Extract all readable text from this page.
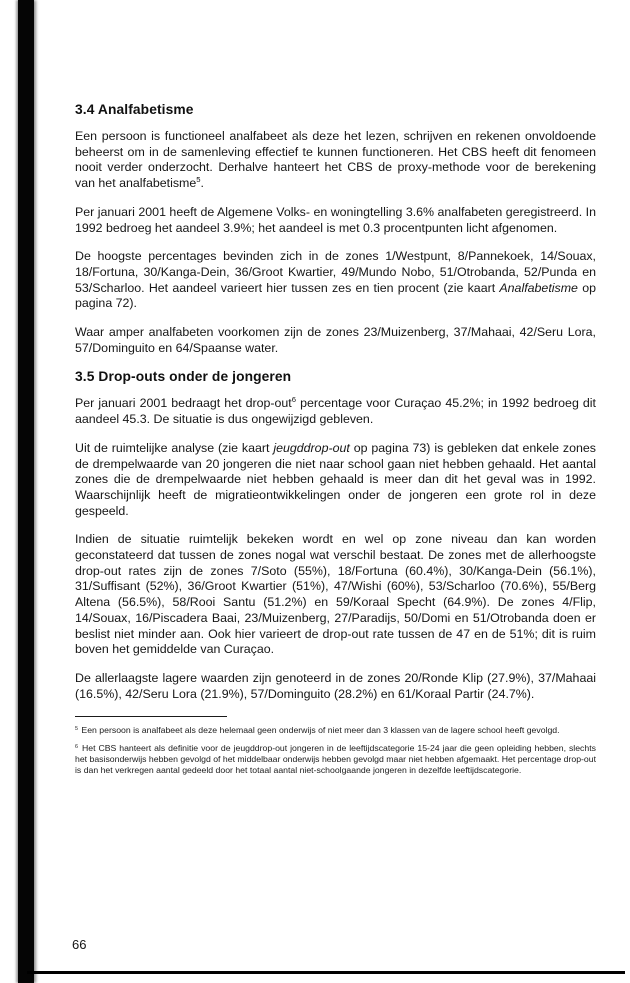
3.4 Analfabetisme

Een persoon is functioneel analfabeet als deze het lezen, schrijven en rekenen onvoldoende beheerst om in de samenleving effectief te kunnen functioneren. Het CBS heeft dit fenomeen nooit verder onderzocht. Derhalve hanteert het CBS de proxy-methode voor de berekening van het analfabetisme$^5$.

Per januari 2001 heeft de Algemene Volks- en woningtelling 3.6% analfabeten geregistreerd. In 1992 bedroeg het aandeel 3.9%; het aandeel is met 0.3 procentpunten licht afgenomen.

De hoogste percentages bevinden zich in de zones 1/Westpunt, 8/Pannekoek, 14/Souax, 18/Fortuna, 30/Kanga-Dein, 36/Groot Kwartier, 49/Mundo Nobo, 51/Otrobanda, 52/Punda en 53/Scharloo. Het aandeel varieert hier tussen zes en tien procent (zie kaart Analfabetisme op pagina 72).

Waar amper analfabeten voorkomen zijn de zones 23/Muizenberg, 37/Mahaai, 42/Seru Lora, 57/Dominguito en 64/Spaanse water.

3.5 Drop-outs onder de jongeren

Per januari 2001 bedraagt het drop-out$^6$ percentage voor Curaçao 45.2%; in 1992 bedroeg dit aandeel 45.3. De situatie is dus ongewijzigd gebleven.

Uit de ruimtelijke analyse (zie kaart jeugddrop-out op pagina 73) is gebleken dat enkele zones de drempelwaarde van 20 jongeren die niet naar school gaan niet hebben gehaald. Het aantal zones die de drempelwaarde niet hebben gehaald is meer dan dit het geval was in 1992. Waarschijnlijk heeft de migratieontwikkelingen onder de jongeren een grote rol in deze gespeeld.

Indien de situatie ruimtelijk bekeken wordt en wel op zone niveau dan kan worden geconstateerd dat tussen de zones nogal wat verschil bestaat. De zones met de allerhoogste drop-out rates zijn de zones 7/Soto (55%), 18/Fortuna (60.4%), 30/Kanga-Dein (56.1%), 31/Suffisant (52%), 36/Groot Kwartier (51%), 47/Wishi (60%), 53/Scharloo (70.6%), 55/Berg Altena (56.5%), 58/Rooi Santu (51.2%) en 59/Koraal Specht (64.9%). De zones 4/Flip, 14/Souax, 16/Piscadera Baai, 23/Muizenberg, 27/Paradijs, 50/Domi en 51/Otrobanda doen er beslist niet minder aan. Ook hier varieert de drop-out rate tussen de 47 en de 51%; dit is ruim boven het gemiddelde van Curaçao.

De allerlaagste lagere waarden zijn genoteerd in de zones 20/Ronde Klip (27.9%), 37/Mahaai (16.5%), 42/Seru Lora (21.9%), 57/Dominguito (28.2%) en 61/Koraal Partir (24.7%).

$^5$ Een persoon is analfabeet als deze helemaal geen onderwijs of niet meer dan 3 klassen van de lagere school heeft gevolgd.

$^6$ Het CBS hanteert als definitie voor de jeugddrop-out jongeren in de leeftijdscategorie 15-24 jaar die geen opleiding hebben, slechts het basisonderwijs hebben gevolgd of het middelbaar onderwijs hebben gevolgd maar niet hebben afgemaakt. Het percentage drop-out is dan het verkregen aantal gedeeld door het totaal aantal niet-schoolgaande jongeren in dezelfde leeftijdscategorie.

66
